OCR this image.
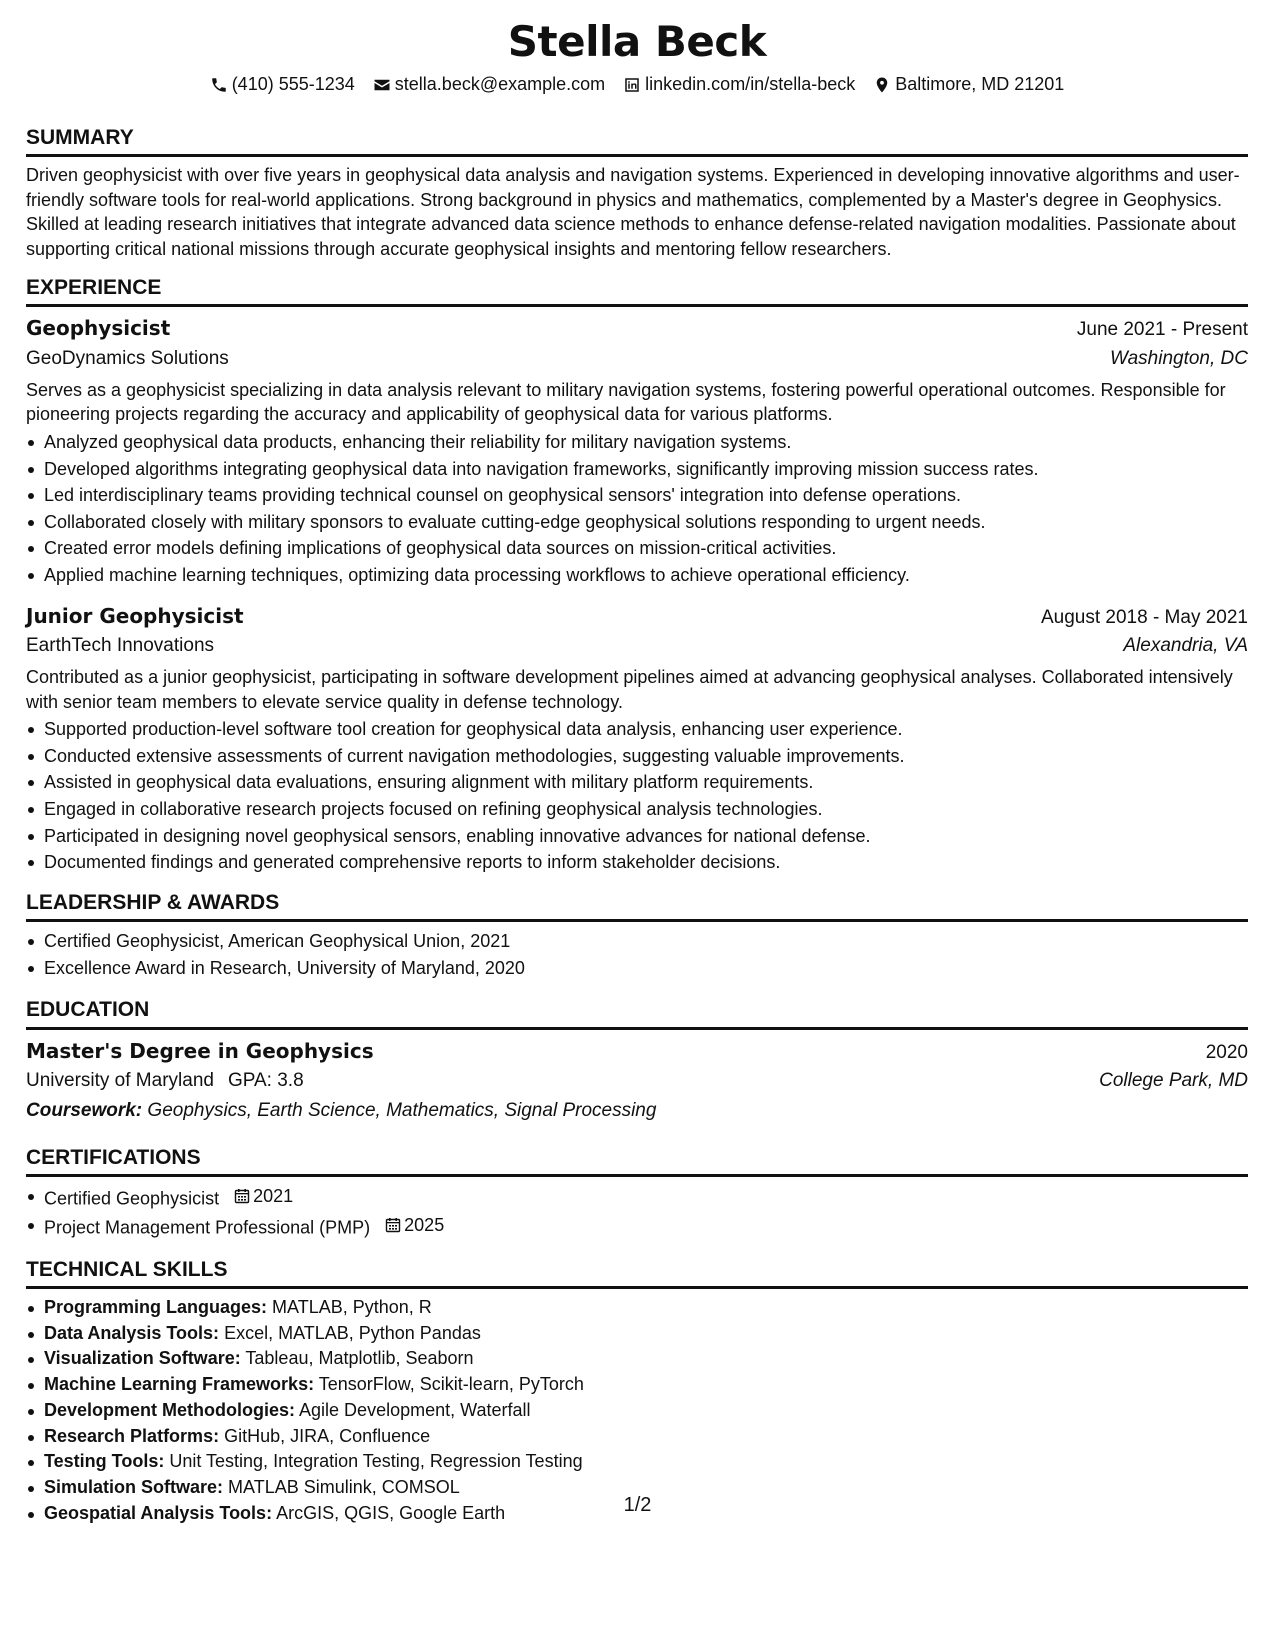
Stella Beck
(410) 555-1234 stella.beck@example.com linkedin.com/in/stella-beck Baltimore, MD 21201
SUMMARY
Driven geophysicist with over five years in geophysical data analysis and navigation systems. Experienced in developing innovative algorithms and user-friendly software tools for real-world applications. Strong background in physics and mathematics, complemented by a Master's degree in Geophysics. Skilled at leading research initiatives that integrate advanced data science methods to enhance defense-related navigation modalities. Passionate about supporting critical national missions through accurate geophysical insights and mentoring fellow researchers.
EXPERIENCE
Geophysicist	June 2021 - Present
GeoDynamics Solutions	Washington, DC
Serves as a geophysicist specializing in data analysis relevant to military navigation systems, fostering powerful operational outcomes. Responsible for pioneering projects regarding the accuracy and applicability of geophysical data for various platforms.
Analyzed geophysical data products, enhancing their reliability for military navigation systems.
Developed algorithms integrating geophysical data into navigation frameworks, significantly improving mission success rates.
Led interdisciplinary teams providing technical counsel on geophysical sensors' integration into defense operations.
Collaborated closely with military sponsors to evaluate cutting-edge geophysical solutions responding to urgent needs.
Created error models defining implications of geophysical data sources on mission-critical activities.
Applied machine learning techniques, optimizing data processing workflows to achieve operational efficiency.
Junior Geophysicist	August 2018 - May 2021
EarthTech Innovations	Alexandria, VA
Contributed as a junior geophysicist, participating in software development pipelines aimed at advancing geophysical analyses. Collaborated intensively with senior team members to elevate service quality in defense technology.
Supported production-level software tool creation for geophysical data analysis, enhancing user experience.
Conducted extensive assessments of current navigation methodologies, suggesting valuable improvements.
Assisted in geophysical data evaluations, ensuring alignment with military platform requirements.
Engaged in collaborative research projects focused on refining geophysical analysis technologies.
Participated in designing novel geophysical sensors, enabling innovative advances for national defense.
Documented findings and generated comprehensive reports to inform stakeholder decisions.
LEADERSHIP & AWARDS
Certified Geophysicist, American Geophysical Union, 2021
Excellence Award in Research, University of Maryland, 2020
EDUCATION
Master's Degree in Geophysics	2020
University of Maryland GPA: 3.8	College Park, MD
Coursework: Geophysics, Earth Science, Mathematics, Signal Processing
CERTIFICATIONS
Certified Geophysicist 2021
Project Management Professional (PMP) 2025
TECHNICAL SKILLS
Programming Languages: MATLAB, Python, R
Data Analysis Tools: Excel, MATLAB, Python Pandas
Visualization Software: Tableau, Matplotlib, Seaborn
Machine Learning Frameworks: TensorFlow, Scikit-learn, PyTorch
Development Methodologies: Agile Development, Waterfall
Research Platforms: GitHub, JIRA, Confluence
Testing Tools: Unit Testing, Integration Testing, Regression Testing
Simulation Software: MATLAB Simulink, COMSOL
Geospatial Analysis Tools: ArcGIS, QGIS, Google Earth	1/2
